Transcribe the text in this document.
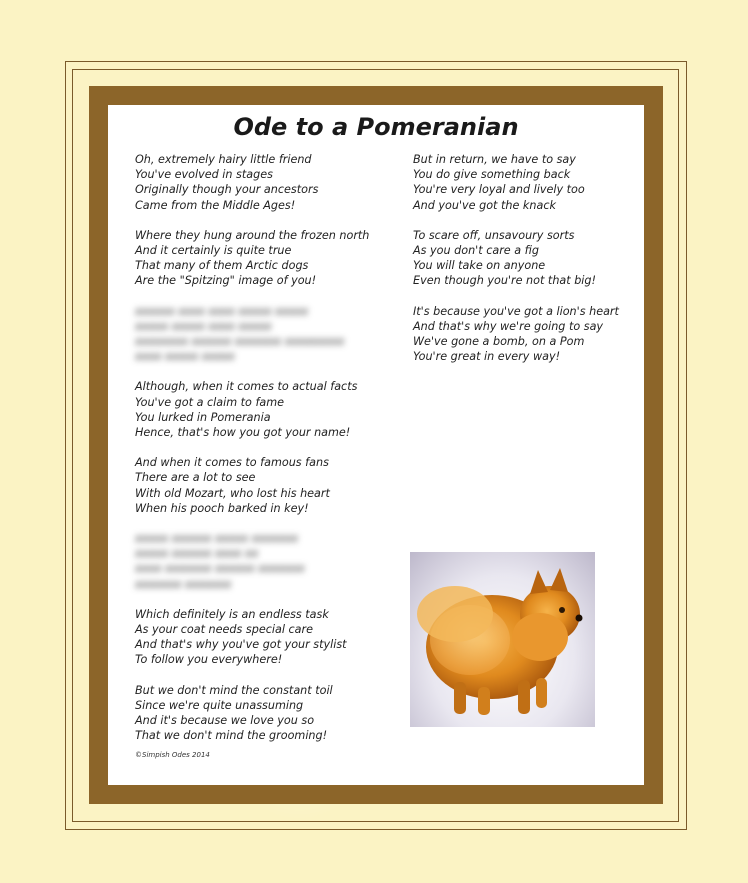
Ode to a Pomeranian
Oh, extremely hairy little friend
You've evolved in stages
Originally though your ancestors
Came from the Middle Ages!
Where they hung around the frozen north
And it certainly is quite true
That many of them Arctic dogs
Are the "Spitzing" image of you!
xxxxxx xxxx xxxx xxxxx xxxxx
xxxxx xxxxx xxxx xxxxx
xxxxxxxx xxxxxx xxxxxxx xxxxxxxxx
xxxx xxxxx xxxxx
Although, when it comes to actual facts
You've got a claim to fame
You lurked in Pomerania
Hence, that's how you got your name!
And when it comes to famous fans
There are a lot to see
With old Mozart, who lost his heart
When his pooch barked in key!
xxxxx xxxxxx xxxxx xxxxxxx
xxxxx xxxxxx xxxx xx
xxxx xxxxxxx xxxxxx xxxxxxx
xxxxxxx xxxxxxx
Which definitely is an endless task
As your coat needs special care
And that's why you've got your stylist
To follow you everywhere!
But we don't mind the constant toil
Since we're quite unassuming
And it's because we love you so
That we don't mind the grooming!
But in return, we have to say
You do give something back
You're very loyal and lively too
And you've got the knack
To scare off, unsavoury sorts
As you don't care a fig
You will take on anyone
Even though you're not that big!
It's because you've got a lion's heart
And that's why we're going to say
We've gone a bomb, on a Pom
You're great in every way!
©Simpish Odes 2014
